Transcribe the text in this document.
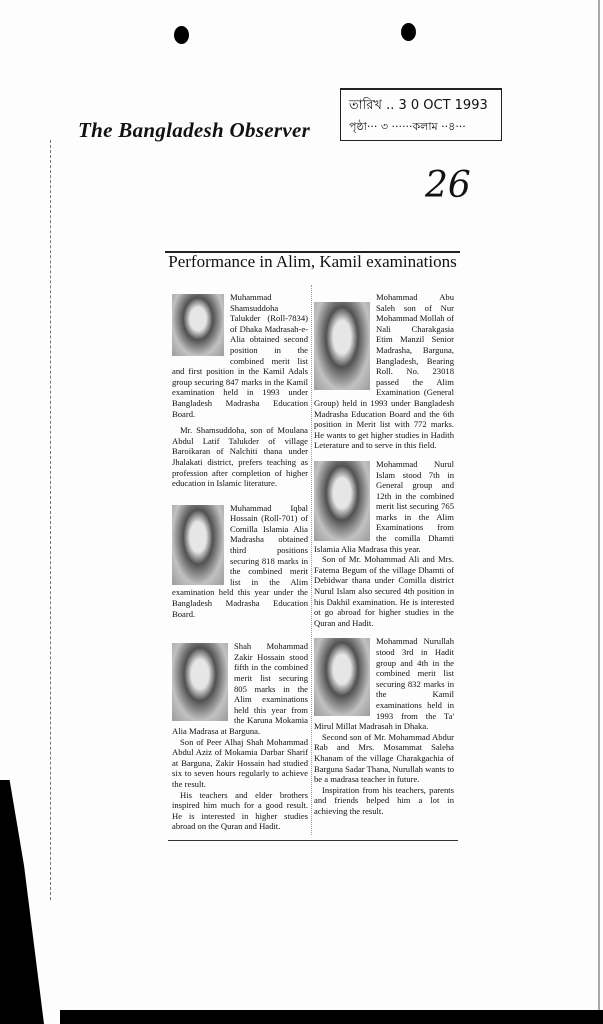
The Bangladesh Observer
তারিখ .. 3 0 OCT 1993
পৃষ্ঠা··· ৩ ······কলাম ··৪···
26
Performance in Alim, Kamil examinations

Muhammad Shamsuddoha Talukder (Roll-7834) of Dhaka Madrasah-e-Alia obtained second position in the combined merit list and first position in the Kamil Adals group securing 847 marks in the Kamil examination held in 1993 under Bangladesh Madrasha Education Board.

Mr. Shamsuddoha, son of Moulana Abdul Latif Talukder of village Baroikaran of Nalchiti thana under Jhalakati district, prefers teaching as profession after completion of higher education in Islamic literature.

Muhammad Iqbal Hossain (Roll-701) of Comilla Islamia Alia Madrasha obtained third positions securing 818 marks in the combined merit list in the Alim examination held this year under the Bangladesh Madrasha Education Board.

Shah Mohammad Zakir Hossain stood fifth in the combined merit list securing 805 marks in the Alim examinations held this year from the Karuna Mokamia Alia Madrasa at Barguna.

Son of Peer Alhaj Shah Mohammad Abdul Aziz of Mokamia Darbar Sharif at Barguna, Zakir Hossain had studied six to seven hours regularly to achieve the result.

His teachers and elder brothers inspired him much for a good result. He is interested in higher studies abroad on the Quran and Hadit.

Mohammad Abu Saleh son of Nur Mohammad Mollah of Nali Charakgasia Etim Manzil Senior Madrasha, Barguna, Bangladesh, Bearing Roll. No. 23018 passed the Alim Examination (General Group) held in 1993 under Bangladesh Madrasha Education Board and the 6th position in Merit list with 772 marks. He wants to get higher studies in Hadith Leterature and to serve in this field.

Mohammad Nurul Islam stood 7th in General group and 12th in the combined merit list securing 765 marks in the Alim Examinations from the comilla Dhamti Islamia Alia Madrasa this year.

Son of Mr. Mohammad Ali and Mrs. Fatema Begum of the village Dhamti of Debidwar thana under Comilla district Nurul Islam also secured 4th position in his Dakhil examination. He is interested ot go abroad for higher studies in the Quran and Hadit.

Mohammad Nurullah stood 3rd in Hadit group and 4th in the combined merit list securing 832 marks in the Kamil examinations held in 1993 from the Ta' Mirul Millat Madrasah in Dhaka.

Second son of Mr. Mohammad Abdur Rab and Mrs. Mosammat Saleha Khanam of the village Charakgachia of Barguna Sadar Thana, Nurullah wants to be a madrasa teacher in future.

Inspiration from his teachers, parents and friends helped him a lot in achieving the result.
